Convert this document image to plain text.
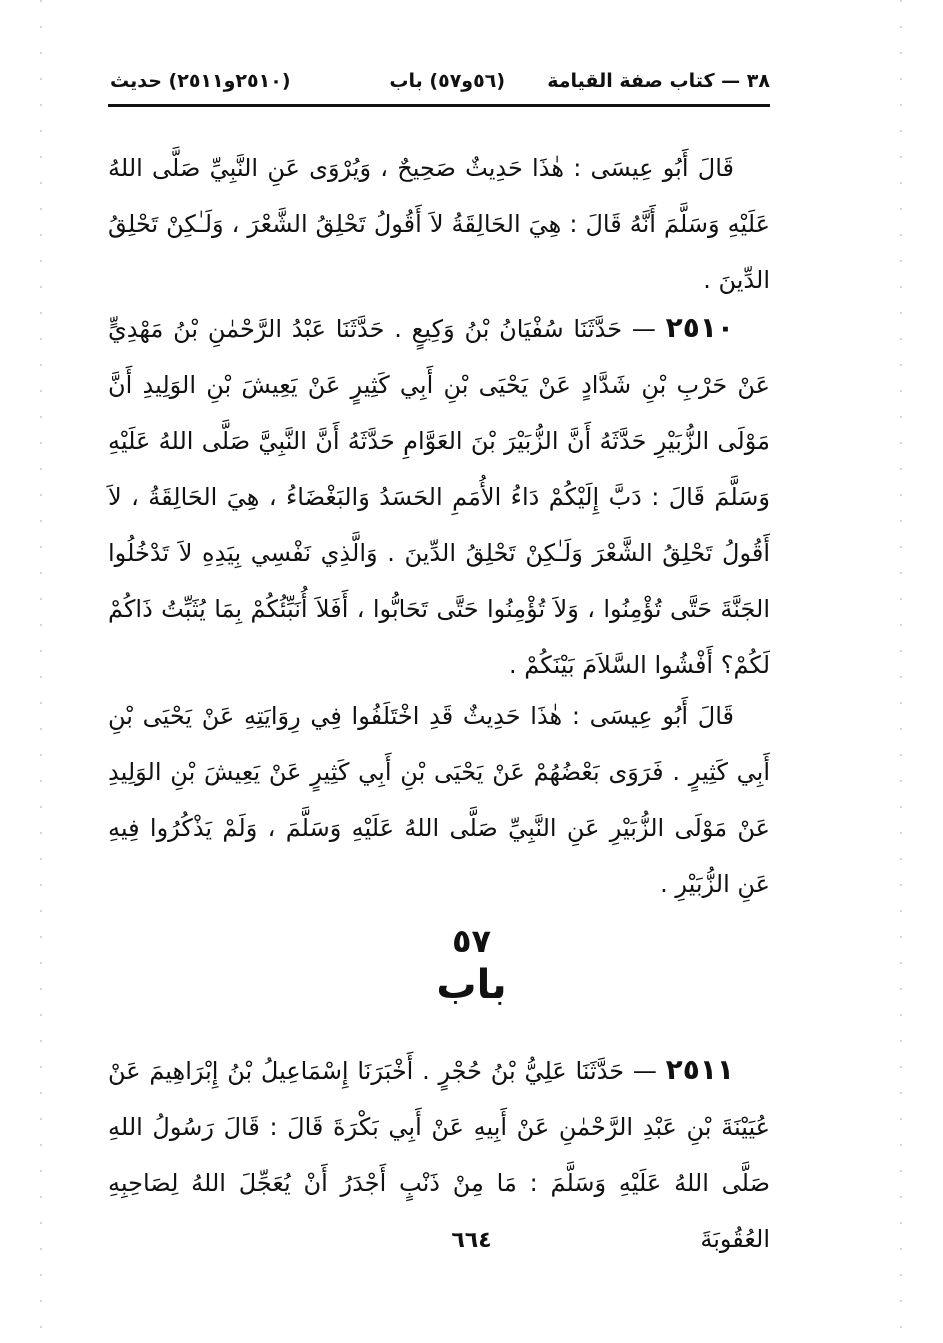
٣٨ — كتاب صفة القيامة
(٥٦و٥٧) باب
(٢٥١٠و٢٥١١) حديث
قَالَ أَبُو عِيسَى : هٰذَا حَدِيثٌ صَحِيحٌ ، وَيُرْوَى عَنِ النَّبِيِّ صَلَّى اللهُ عَلَيْهِ وَسَلَّمَ أَنَّهُ قَالَ : هِيَ الحَالِقَةُ لاَ أَقُولُ تَحْلِقُ الشَّعْرَ ، وَلَـٰكِنْ تَحْلِقُ الدِّينَ .
٢٥١٠ — حَدَّثَنَا سُفْيَانُ بْنُ وَكِيعٍ . حَدَّثَنَا عَبْدُ الرَّحْمٰنِ بْنُ مَهْدِيٍّ عَنْ حَرْبِ بْنِ شَدَّادٍ عَنْ يَحْيَى بْنِ أَبِي كَثِيرٍ عَنْ يَعِيشَ بْنِ الوَلِيدِ أَنَّ مَوْلَى الزُّبَيْرِ حَدَّثَهُ أَنَّ الزُّبَيْرَ بْنَ العَوَّامِ حَدَّثَهُ أَنَّ النَّبِيَّ صَلَّى اللهُ عَلَيْهِ وَسَلَّمَ قَالَ : دَبَّ إِلَيْكُمْ دَاءُ الأُمَمِ الحَسَدُ وَالبَغْضَاءُ ، هِيَ الحَالِقَةُ ، لاَ أَقُولُ تَحْلِقُ الشَّعْرَ وَلَـٰكِنْ تَحْلِقُ الدِّينَ . وَالَّذِي نَفْسِي بِيَدِهِ لاَ تَدْخُلُوا الجَنَّةَ حَتَّى تُؤْمِنُوا ، وَلاَ تُؤْمِنُوا حَتَّى تَحَابُّوا ، أَفَلاَ أُنَبِّئُكُمْ بِمَا يُثَبِّتُ ذَاكُمْ لَكُمْ؟ أَفْشُوا السَّلاَمَ بَيْنَكُمْ .
قَالَ أَبُو عِيسَى : هٰذَا حَدِيثٌ قَدِ اخْتَلَفُوا فِي رِوَايَتِهِ عَنْ يَحْيَى بْنِ أَبِي كَثِيرٍ . فَرَوَى بَعْضُهُمْ عَنْ يَحْيَى بْنِ أَبِي كَثِيرٍ عَنْ يَعِيشَ بْنِ الوَلِيدِ عَنْ مَوْلَى الزُّبَيْرِ عَنِ النَّبِيِّ صَلَّى اللهُ عَلَيْهِ وَسَلَّمَ ، وَلَمْ يَذْكُرُوا فِيهِ عَنِ الزُّبَيْرِ .
٥٧
باب
٢٥١١ — حَدَّثَنَا عَلِيُّ بْنُ حُجْرٍ . أَخْبَرَنَا إِسْمَاعِيلُ بْنُ إِبْرَاهِيمَ عَنْ عُيَيْنَةَ بْنِ عَبْدِ الرَّحْمٰنِ عَنْ أَبِيهِ عَنْ أَبِي بَكْرَةَ قَالَ : قَالَ رَسُولُ اللهِ صَلَّى اللهُ عَلَيْهِ وَسَلَّمَ : مَا مِنْ ذَنْبٍ أَجْدَرُ أَنْ يُعَجِّلَ اللهُ لِصَاحِبِهِ العُقُوبَةَ
٦٦٤
